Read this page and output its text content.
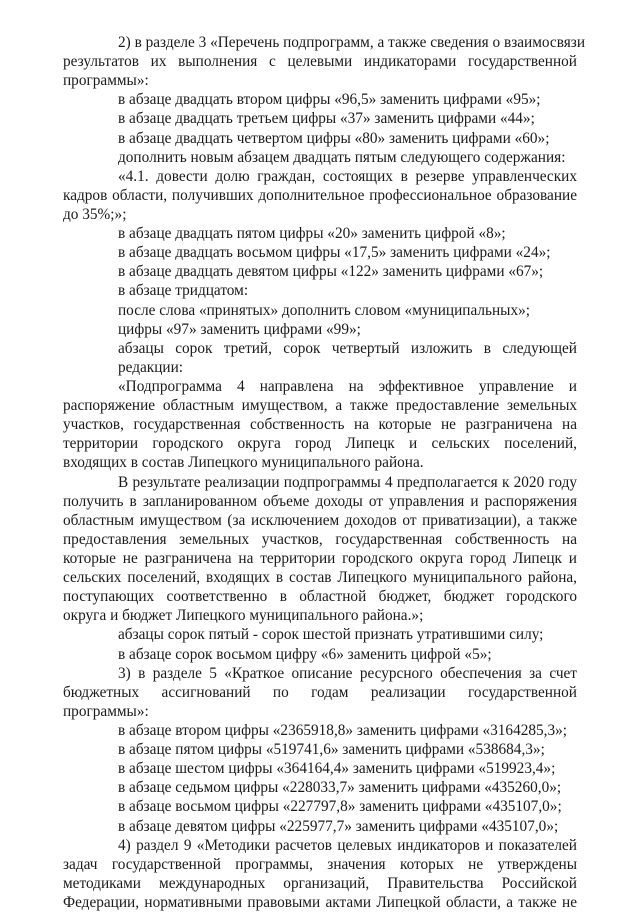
2) в разделе 3 «Перечень подпрограмм, а также сведения о взаимосвязи
результатов их выполнения с целевыми индикаторами государственной
программы»:
в абзаце двадцать втором цифры «96,5» заменить цифрами «95»;
в абзаце двадцать третьем цифры «37» заменить цифрами «44»;
в абзаце двадцать четвертом цифры «80» заменить цифрами «60»;
дополнить новым абзацем двадцать пятым следующего содержания:
«4.1. довести долю граждан, состоящих в резерве управленческих
кадров области, получивших дополнительное профессиональное образование
до 35%;»;
в абзаце двадцать пятом цифры «20» заменить цифрой «8»;
в абзаце двадцать восьмом цифры «17,5» заменить цифрами «24»;
в абзаце двадцать девятом цифры «122» заменить цифрами «67»;
в абзаце тридцатом:
после слова «принятых» дополнить словом «муниципальных»;
цифры «97» заменить цифрами «99»;
абзацы сорок третий, сорок четвертый изложить в следующей
редакции:
«Подпрограмма 4 направлена на эффективное управление и
распоряжение областным имуществом, а также предоставление земельных
участков, государственная собственность на которые не разграничена на
территории городского округа город Липецк и сельских поселений,
входящих в состав Липецкого муниципального района.
В результате реализации подпрограммы 4 предполагается к 2020 году
получить в запланированном объеме доходы от управления и распоряжения
областным имуществом (за исключением доходов от приватизации), а также
предоставления земельных участков, государственная собственность на
которые не разграничена на территории городского округа город Липецк и
сельских поселений, входящих в состав Липецкого муниципального района,
поступающих соответственно в областной бюджет, бюджет городского
округа и бюджет Липецкого муниципального района.»;
абзацы сорок пятый - сорок шестой признать утратившими силу;
в абзаце сорок восьмом цифру «6» заменить цифрой «5»;
3) в разделе 5 «Краткое описание ресурсного обеспечения за счет
бюджетных ассигнований по годам реализации государственной
программы»:
в абзаце втором цифры «2365918,8» заменить цифрами «3164285,3»;
в абзаце пятом цифры «519741,6» заменить цифрами «538684,3»;
в абзаце шестом цифры «364164,4» заменить цифрами «519923,4»;
в абзаце седьмом цифры «228033,7» заменить цифрами «435260,0»;
в абзаце восьмом цифры «227797,8» заменить цифрами «435107,0»;
в абзаце девятом цифры «225977,7» заменить цифрами «435107,0»;
4) раздел 9 «Методики расчетов целевых индикаторов и показателей
задач государственной программы, значения которых не утверждены
методиками международных организаций, Правительства Российской
Федерации, нормативными правовыми актами Липецкой области, а также не
